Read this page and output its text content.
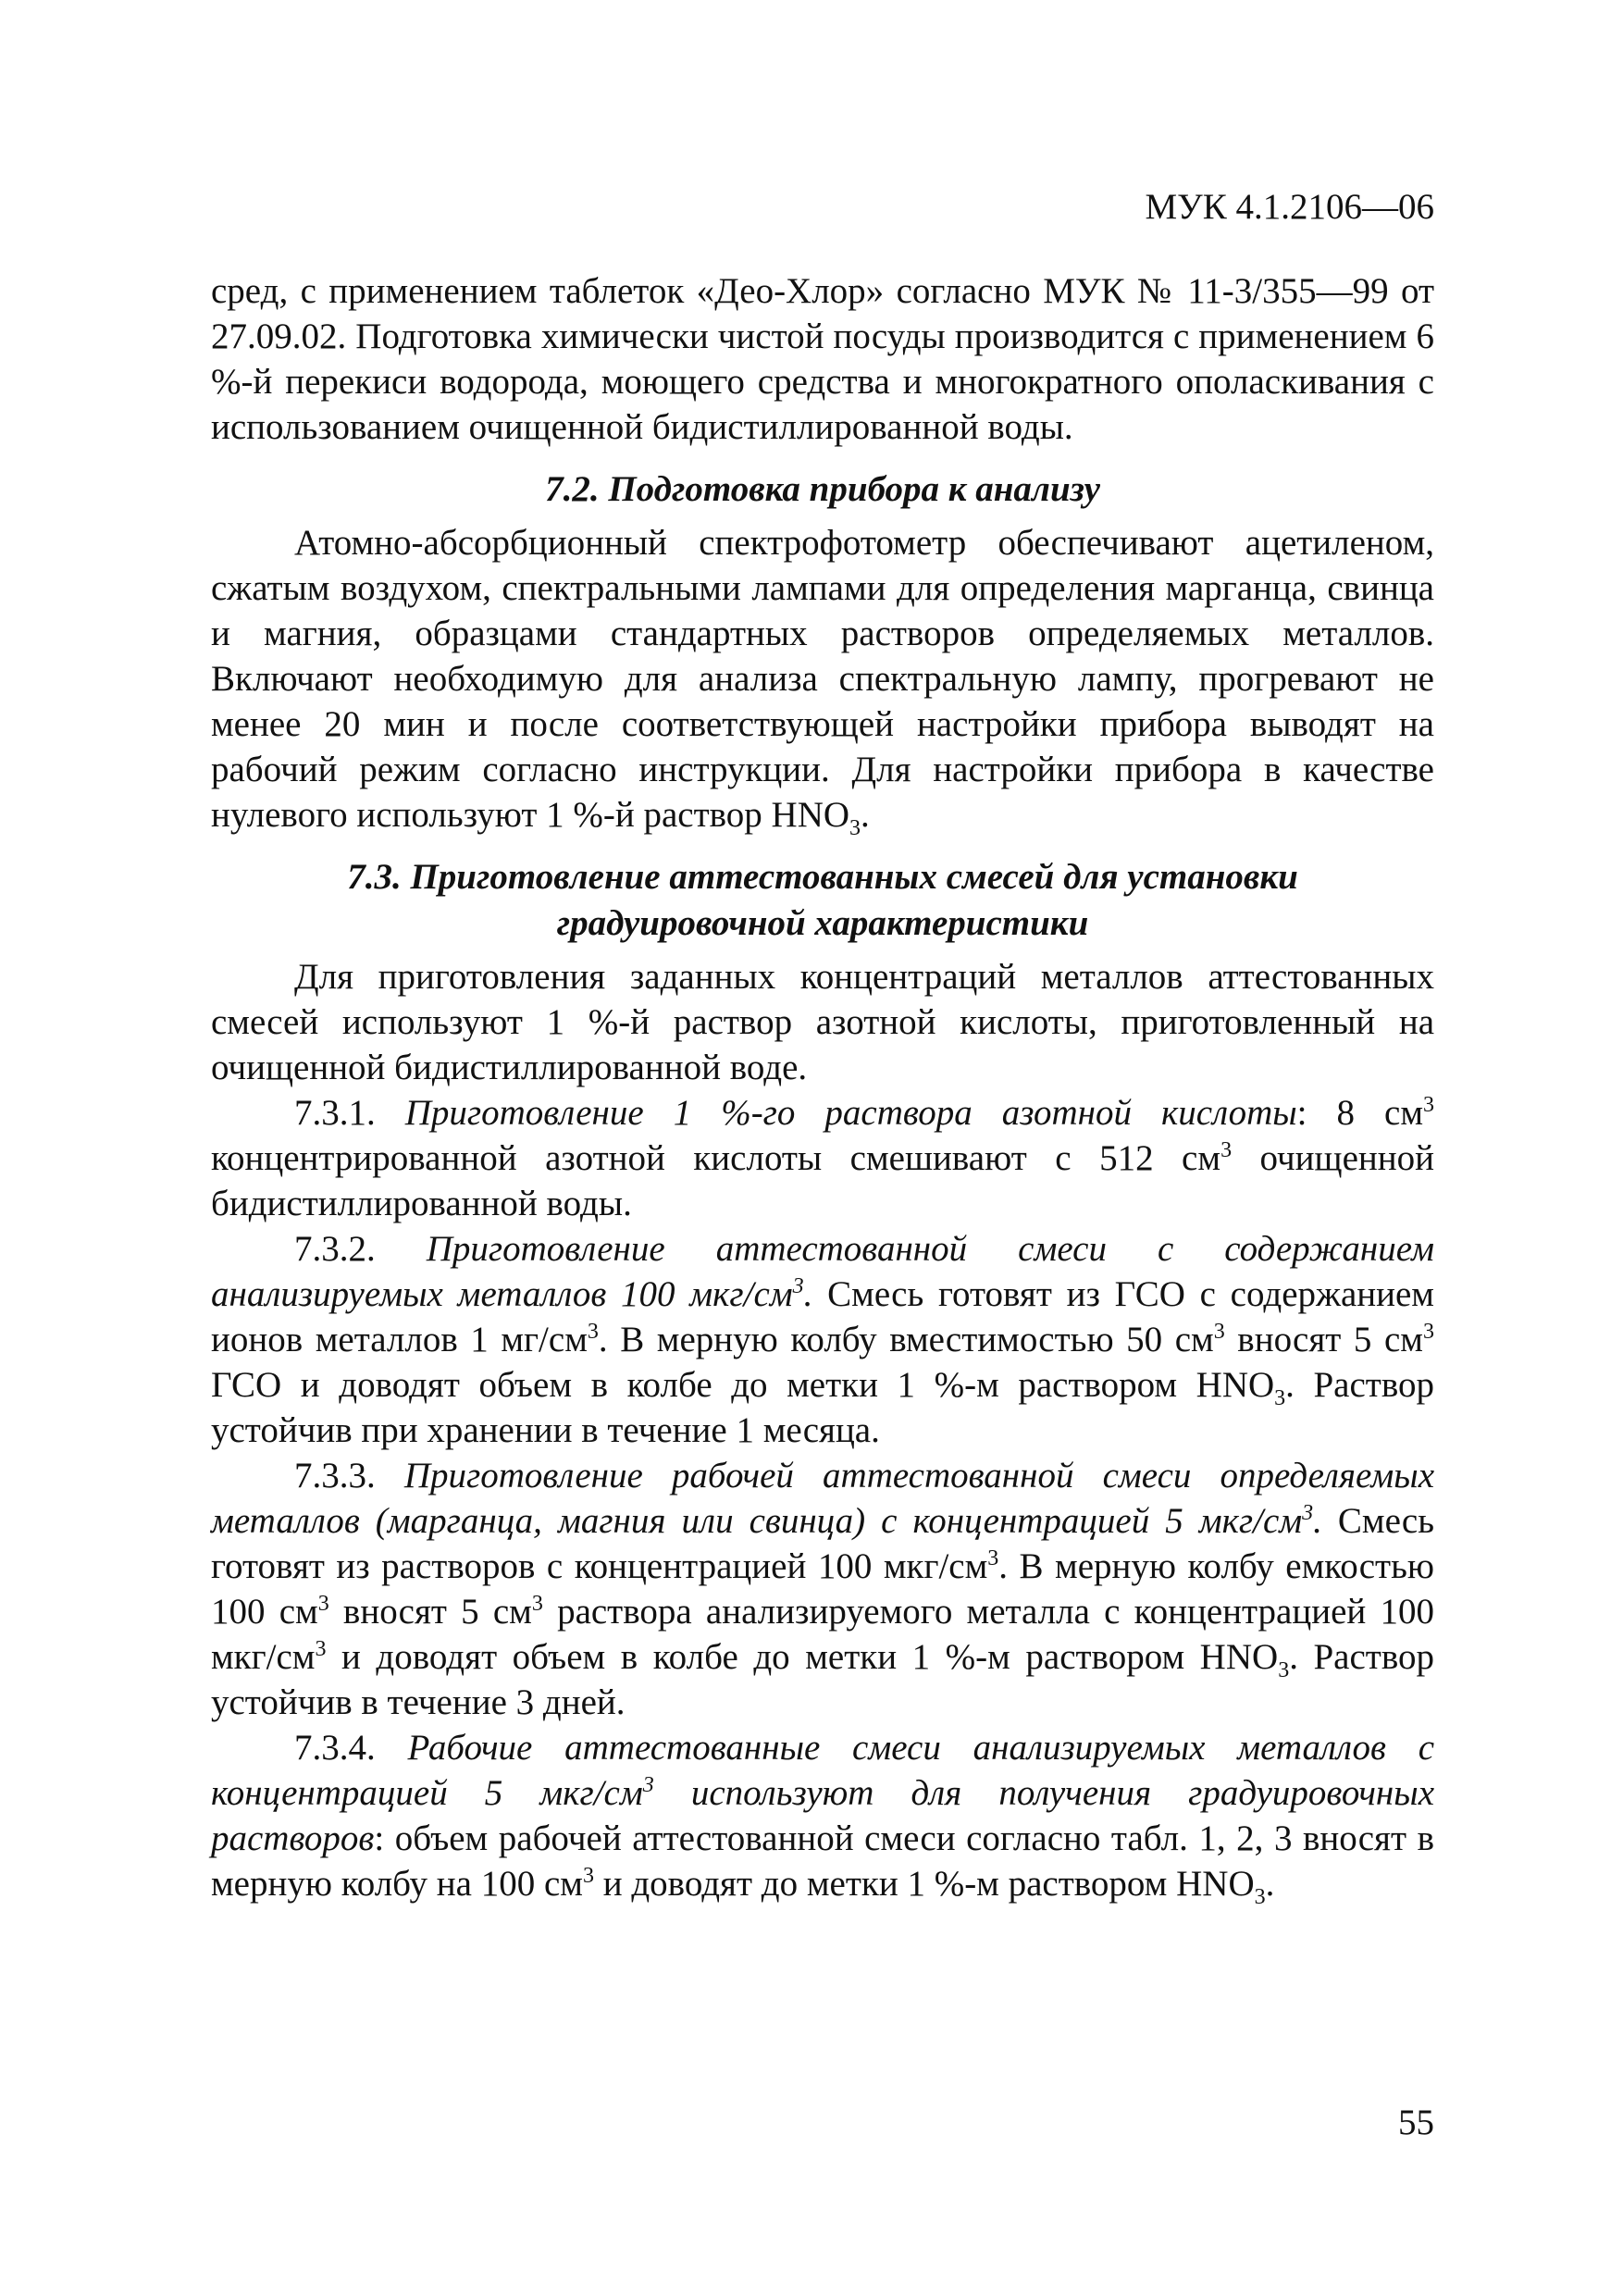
МУК 4.1.2106—06

сред, с применением таблеток «Део-Хлор» согласно МУК № 11-3/355—99 от 27.09.02. Подготовка химически чистой посуды производится с применением 6 %-й перекиси водорода, моющего средства и многократного ополаскивания с использованием очищенной бидистиллированной воды.

7.2. Подготовка прибора к анализу

Атомно-абсорбционный спектрофотометр обеспечивают ацетиленом, сжатым воздухом, спектральными лампами для определения марганца, свинца и магния, образцами стандартных растворов определяемых металлов. Включают необходимую для анализа спектральную лампу, прогревают не менее 20 мин и после соответствующей настройки прибора выводят на рабочий режим согласно инструкции. Для настройки прибора в качестве нулевого используют 1 %-й раствор $HNO_3$.

7.3. Приготовление аттестованных смесей для установки
градуировочной характеристики

Для приготовления заданных концентраций металлов аттестованных смесей используют 1 %-й раствор азотной кислоты, приготовленный на очищенной бидистиллированной воде.

7.3.1. Приготовление 1 %-го раствора азотной кислоты: 8 $см^3$ концентрированной азотной кислоты смешивают с 512 $см^3$ очищенной бидистиллированной воды.

7.3.2. Приготовление аттестованной смеси с содержанием анализируемых металлов 100 мкг/$см^3$. Смесь готовят из ГСО с содержанием ионов металлов 1 $мг/см^3$. В мерную колбу вместимостью 50 $см^3$ вносят 5 $см^3$ ГСО и доводят объем в колбе до метки 1 %-м раствором $HNO_3$. Раствор устойчив при хранении в течение 1 месяца.

7.3.3. Приготовление рабочей аттестованной смеси определяемых металлов (марганца, магния или свинца) с концентрацией 5 мкг/$см^3$. Смесь готовят из растворов с концентрацией 100 мкг/$см^3$. В мерную колбу емкостью 100 $см^3$ вносят 5 $см^3$ раствора анализируемого металла с концентрацией 100 мкг/$см^3$ и доводят объем в колбе до метки 1 %-м раствором $HNO_3$. Раствор устойчив в течение 3 дней.

7.3.4. Рабочие аттестованные смеси анализируемых металлов с концентрацией 5 мкг/$см^3$ используют для получения градуировочных растворов: объем рабочей аттестованной смеси согласно табл. 1, 2, 3 вносят в мерную колбу на 100 $см^3$ и доводят до метки 1 %-м раствором $HNO_3$.

55
